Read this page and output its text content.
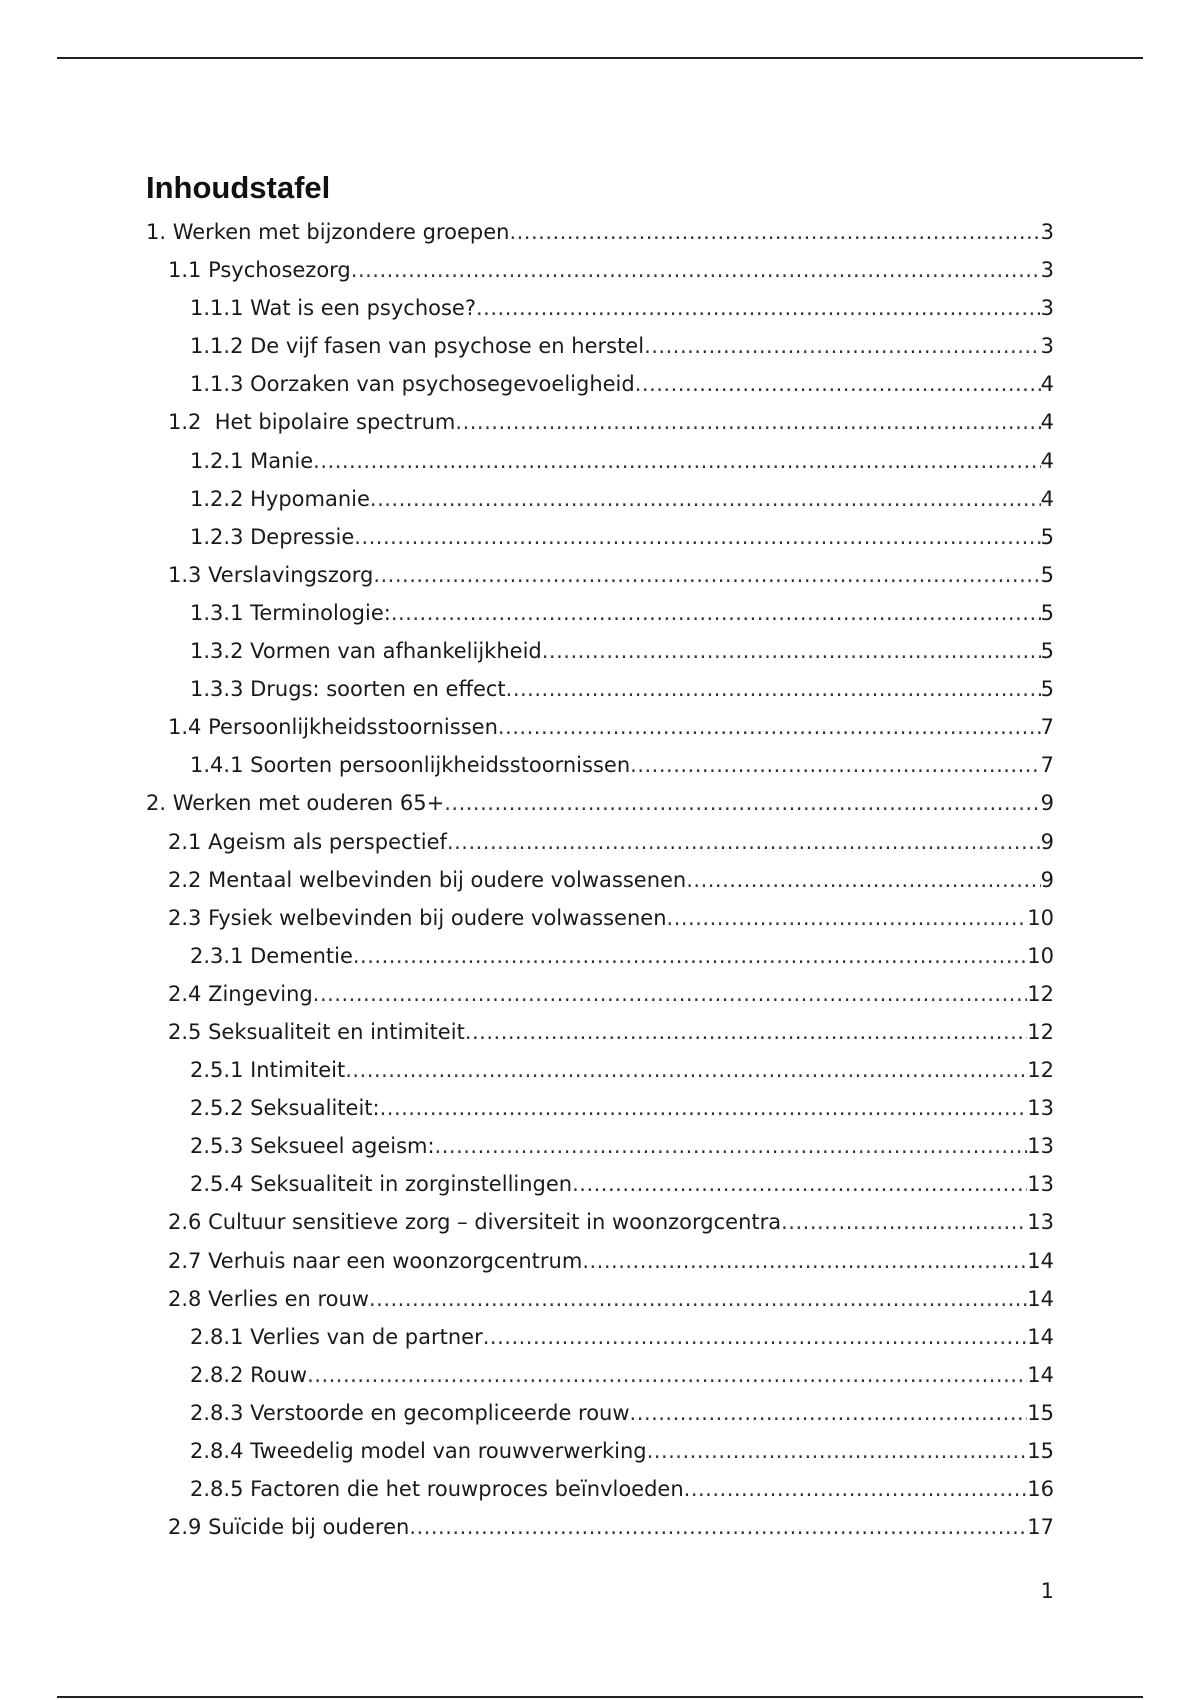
Inhoudstafel
1. Werken met bijzondere groepen .....	3
1.1 Psychosezorg .....	3
1.1.1 Wat is een psychose? .....	3
1.1.2 De vijf fasen van psychose en herstel .....	3
1.1.3 Oorzaken van psychosegevoeligheid .....	4
1.2  Het bipolaire spectrum .....	4
1.2.1 Manie .....	4
1.2.2 Hypomanie .....	4
1.2.3 Depressie .....	5
1.3 Verslavingszorg .....	5
1.3.1 Terminologie: .....	5
1.3.2 Vormen van afhankelijkheid .....	5
1.3.3 Drugs: soorten en effect .....	5
1.4 Persoonlijkheidsstoornissen .....	7
1.4.1 Soorten persoonlijkheidsstoornissen .....	7
2. Werken met ouderen 65+ .....	9
2.1 Ageism als perspectief .....	9
2.2 Mentaal welbevinden bij oudere volwassenen .....	9
2.3 Fysiek welbevinden bij oudere volwassenen .....	10
2.3.1 Dementie .....	10
2.4 Zingeving .....	12
2.5 Seksualiteit en intimiteit .....	12
2.5.1 Intimiteit .....	12
2.5.2 Seksualiteit: .....	13
2.5.3 Seksueel ageism: .....	13
2.5.4 Seksualiteit in zorginstellingen .....	13
2.6 Cultuur sensitieve zorg – diversiteit in woonzorgcentra .....	13
2.7 Verhuis naar een woonzorgcentrum .....	14
2.8 Verlies en rouw .....	14
2.8.1 Verlies van de partner .....	14
2.8.2 Rouw .....	14
2.8.3 Verstoorde en gecompliceerde rouw .....	15
2.8.4 Tweedelig model van rouwverwerking .....	15
2.8.5 Factoren die het rouwproces beïnvloeden .....	16
2.9 Suïcide bij ouderen .....	17
1
